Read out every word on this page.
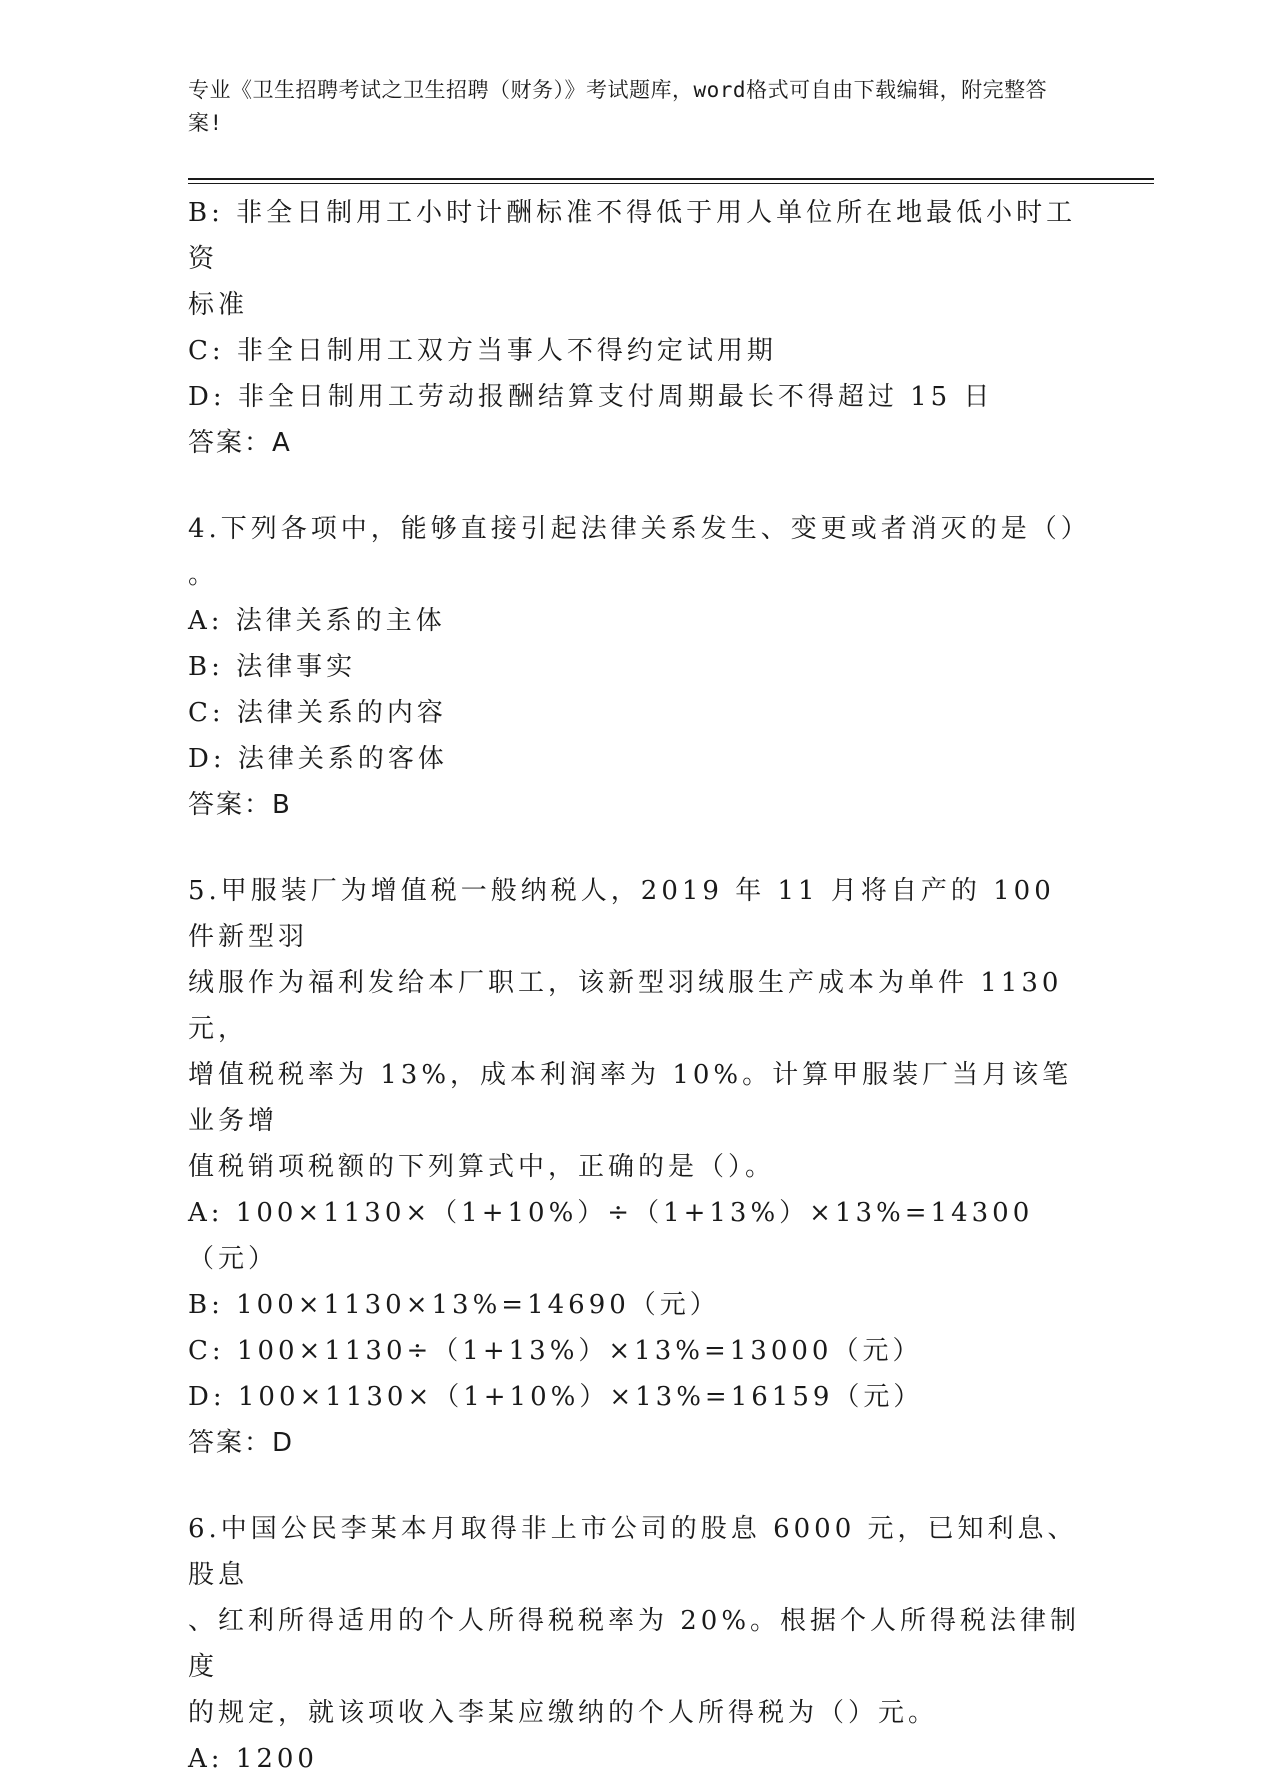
专业《卫生招聘考试之卫生招聘（财务）》考试题库，word格式可自由下载编辑，附完整答案!
B: 非全日制用工小时计酬标准不得低于用人单位所在地最低小时工资
标准
C: 非全日制用工双方当事人不得约定试用期
D: 非全日制用工劳动报酬结算支付周期最长不得超过 15 日
答案：A
4.下列各项中，能够直接引起法律关系发生、变更或者消灭的是（）
。
A: 法律关系的主体
B: 法律事实
C: 法律关系的内容
D: 法律关系的客体
答案：B
5.甲服装厂为增值税一般纳税人，2019 年 11 月将自产的 100 件新型羽
绒服作为福利发给本厂职工，该新型羽绒服生产成本为单件 1130 元，
增值税税率为 13%，成本利润率为 10%。计算甲服装厂当月该笔业务增
值税销项税额的下列算式中，正确的是（）。
A: 100×1130×（1+10%）÷（1+13%）×13%=14300（元）
B: 100×1130×13%=14690（元）
C: 100×1130÷（1+13%）×13%=13000（元）
D: 100×1130×（1+10%）×13%=16159（元）
答案：D
6.中国公民李某本月取得非上市公司的股息 6000 元，已知利息、股息
、红利所得适用的个人所得税税率为 20%。根据个人所得税法律制度
的规定，就该项收入李某应缴纳的个人所得税为（）元。
A: 1200
